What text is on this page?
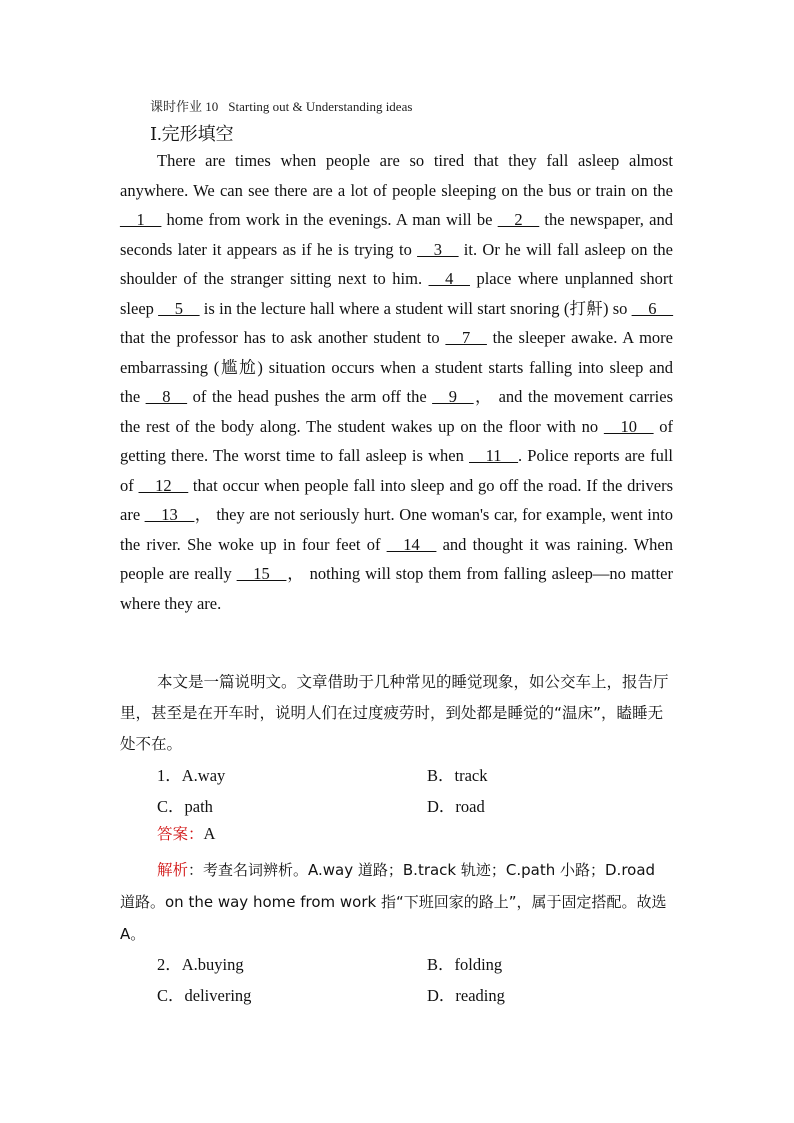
课时作业 10 Starting out & Understanding ideas
Ⅰ.完形填空

There are times when people are so tired that they fall asleep almost anywhere. We can see there are a lot of people sleeping on the bus or train on the __1__ home from work in the evenings. A man will be __2__ the newspaper, and seconds later it appears as if he is trying to __3__ it. Or he will fall asleep on the shoulder of the stranger sitting next to him. __4__ place where unplanned short sleep __5__ is in the lecture hall where a student will start snoring (打鼾) so __6__ that the professor has to ask another student to __7__ the sleeper awake. A more embarrassing (尴尬) situation occurs when a student starts falling into sleep and the __8__ of the head pushes the arm off the __9__， and the movement carries the rest of the body along. The student wakes up on the floor with no __10__ of getting there. The worst time to fall asleep is when __11__. Police reports are full of __12__ that occur when people fall into sleep and go off the road. If the drivers are __13__， they are not seriously hurt. One woman's car, for example, went into the river. She woke up in four feet of __14__ and thought it was raining. When people are really __15__， nothing will stop them from falling asleep—no matter where they are.

本文是一篇说明文。文章借助于几种常见的睡觉现象，如公交车上，报告厅里，甚至是在开车时，说明人们在过度疲劳时，到处都是睡觉的“温床”，瞌睡无处不在。

1．A.way	B．track
C．path	D．road
答案：A

解析：考查名词辨析。A.way 道路；B.track 轨迹；C.path 小路；D.road 道路。on the way home from work 指“下班回家的路上”，属于固定搭配。故选 A。

2．A.buying	B．folding
C．delivering	D．reading
